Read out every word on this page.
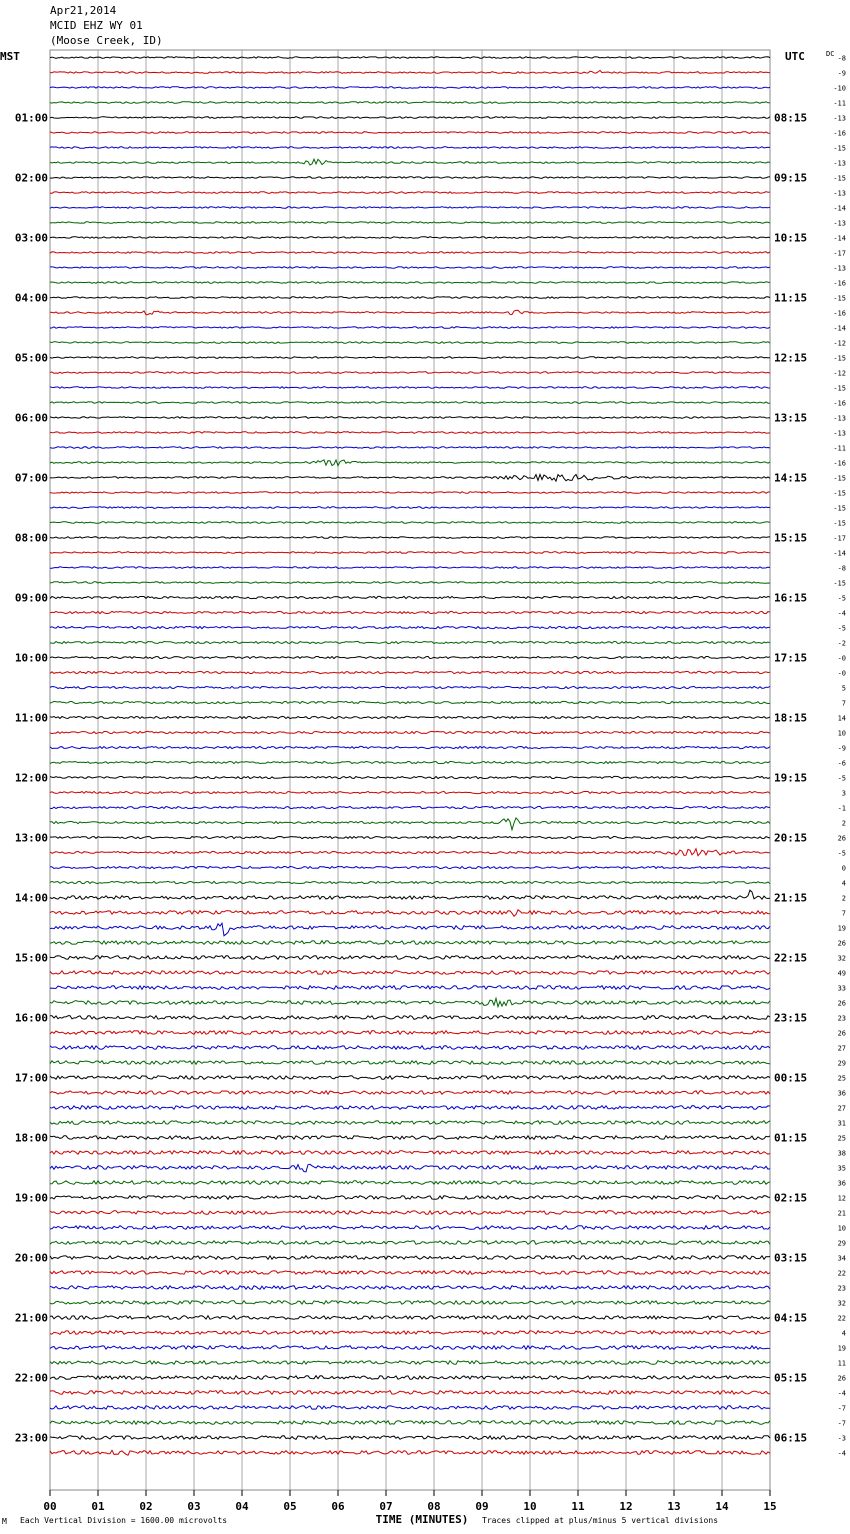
Apr21,2014
MCID EHZ WY 01
(Moose Creek, ID)
-8
-9
-10
-11
-13
-16
-15
-13
-15
-13
-14
-13
-14
-17
-13
-16
-15
-16
-14
-12
-15
-12
-15
-16
-13
-13
-11
-16
-15
-15
-15
-15
-17
-14
-8
-15
-5
-4
-5
-2
-0
-0
5
7
14
10
-9
-6
-5
3
-1
2
26
-5
0
4
2
7
19
26
32
49
33
26
23
26
27
29
25
36
27
31
25
38
35
36
12
21
10
29
34
22
23
32
22
4
19
11
26
-4
-7
-7
-3
-4
MST	UTC	DC
01:00
02:00
03:00
04:00
05:00
06:00
07:00
08:00
09:00
10:00
11:00
12:00
13:00
14:00
15:00
16:00
17:00
18:00
19:00
20:00
21:00
22:00
23:00
08:15
09:15
10:15
11:15
12:15
13:15
14:15
15:15
16:15
17:15
18:15
19:15
20:15
21:15
22:15
23:15
00:15
01:15
02:15
03:15
04:15
05:15
06:15
00	01	02	03	04	05	06	07	08	09	10	11	12	13	14	15
TIME (MINUTES)
M Each Vertical Division = 1600.00 microvolts	Traces clipped at plus/minus 5 vertical divisions
